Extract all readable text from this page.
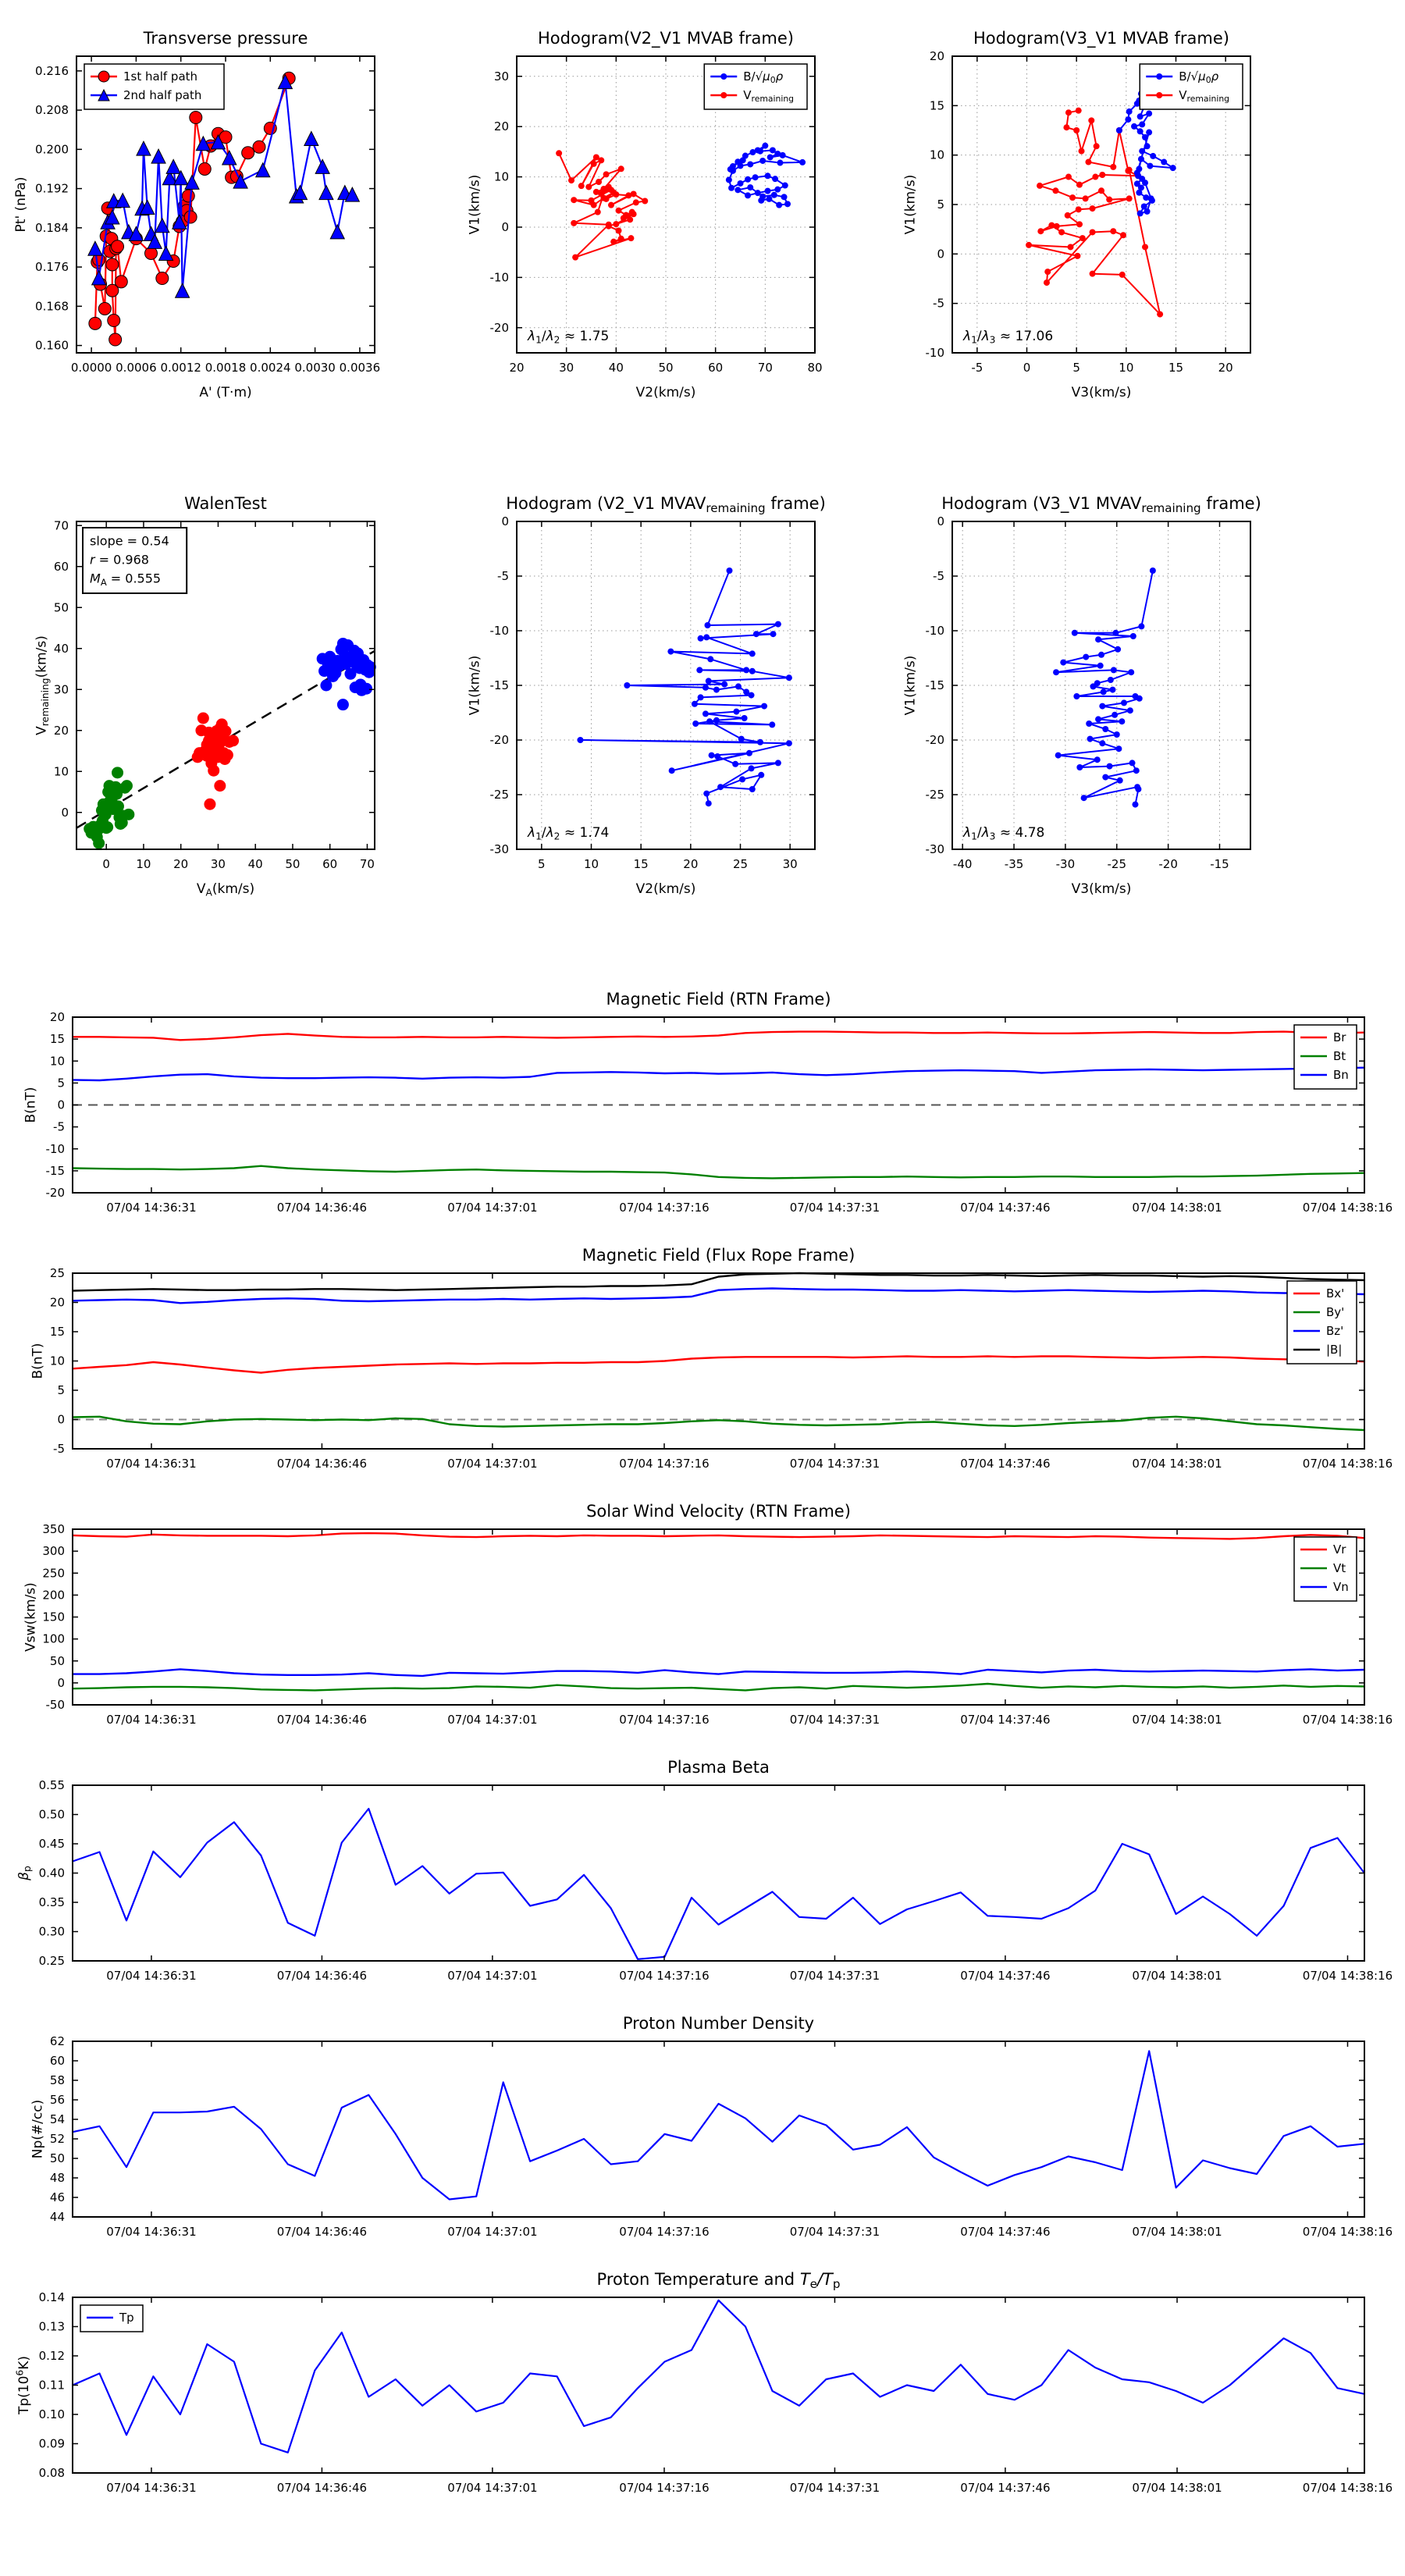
0.0000 0.0006 0.0012 0.0018 0.0024 0.0030 0.0036
0.160
0.168
0.176
0.184
0.192
0.200
0.208
0.216
Transverse pressure
A' (T·m)
Pt' (nPa)
1st half path
2nd half path
20	30	40	50	60	70	80
-20
-10
0
10
20
30
Hodogram(V2_V1 MVAB frame)
V2(km/s)
V1(km/s)
$\lambda_1/\lambda_2 \approx 1.75$
$B/√\mu_0\rho$
$V_{remaining}$
-5	0	5	10	15	20
-10
-5
0
5
10
15
20
Hodogram(V3_V1 MVAB frame)
V3(km/s)
V1(km/s)
$\lambda_1/\lambda_3 \approx 17.06$
$B/√\mu_0\rho$
$V_{remaining}$
0 10 20 30 40 50 60 70
0
10
20
30
40
50
60
70
WalenTest
$V_A(km/s)$
$V_{remaining}(km/s)$
slope = 0.54
r = 0.968
$M_A = 0.555$
5	10	15	20	25	30
-30
-25
-20
-15
-10
-5
0
Hodogram (V2_V1 $MVAV_{remaining}$ frame)
V2(km/s)
V1(km/s)
$\lambda_1/\lambda_2 \approx 1.74$
-40	-35	-30	-25	-20	-15
-30
-25
-20
-15
-10
-5
0
Hodogram (V3_V1 $MVAV_{remaining}$ frame)
V3(km/s)
V1(km/s)
$\lambda_1/\lambda_3 \approx 4.78$
07/04 14:36:31	07/04 14:36:46	07/04 14:37:01	07/04 14:37:16	07/04 14:37:31	07/04 14:37:46	07/04 14:38:01	07/04 14:38:16
-20
-15
-10
-5
0
5
10
15
20
Magnetic Field (RTN Frame)
B(nT)
Br
Bt
Bn
07/04 14:36:31	07/04 14:36:46	07/04 14:37:01	07/04 14:37:16	07/04 14:37:31	07/04 14:37:46	07/04 14:38:01	07/04 14:38:16
-5
0
5
10
15
20
25
Magnetic Field (Flux Rope Frame)
B(nT)
Bx'
By'
Bz'
|B|
07/04 14:36:31	07/04 14:36:46	07/04 14:37:01	07/04 14:37:16	07/04 14:37:31	07/04 14:37:46	07/04 14:38:01	07/04 14:38:16
-50
0
50
100
150
200
250
300
350
Solar Wind Velocity (RTN Frame)
Vsw(km/s)
Vr
Vt
Vn
07/04 14:36:31	07/04 14:36:46	07/04 14:37:01	07/04 14:37:16	07/04 14:37:31	07/04 14:37:46	07/04 14:38:01	07/04 14:38:16
0.25
0.30
0.35
0.40
0.45
0.50
0.55
Plasma Beta
$\beta_p$
07/04 14:36:31	07/04 14:36:46	07/04 14:37:01	07/04 14:37:16	07/04 14:37:31	07/04 14:37:46	07/04 14:38:01	07/04 14:38:16
44
46
48
50
52
54
56
58
60
62
Proton Number Density
Np(#/cc)
07/04 14:36:31	07/04 14:36:46	07/04 14:37:01	07/04 14:37:16	07/04 14:37:31	07/04 14:37:46	07/04 14:38:01	07/04 14:38:16
0.08
0.09
0.10
0.11
0.12
0.13
0.14
Proton Temperature and $T_e/T_p$
$Tp(10^6K)$
Tp
